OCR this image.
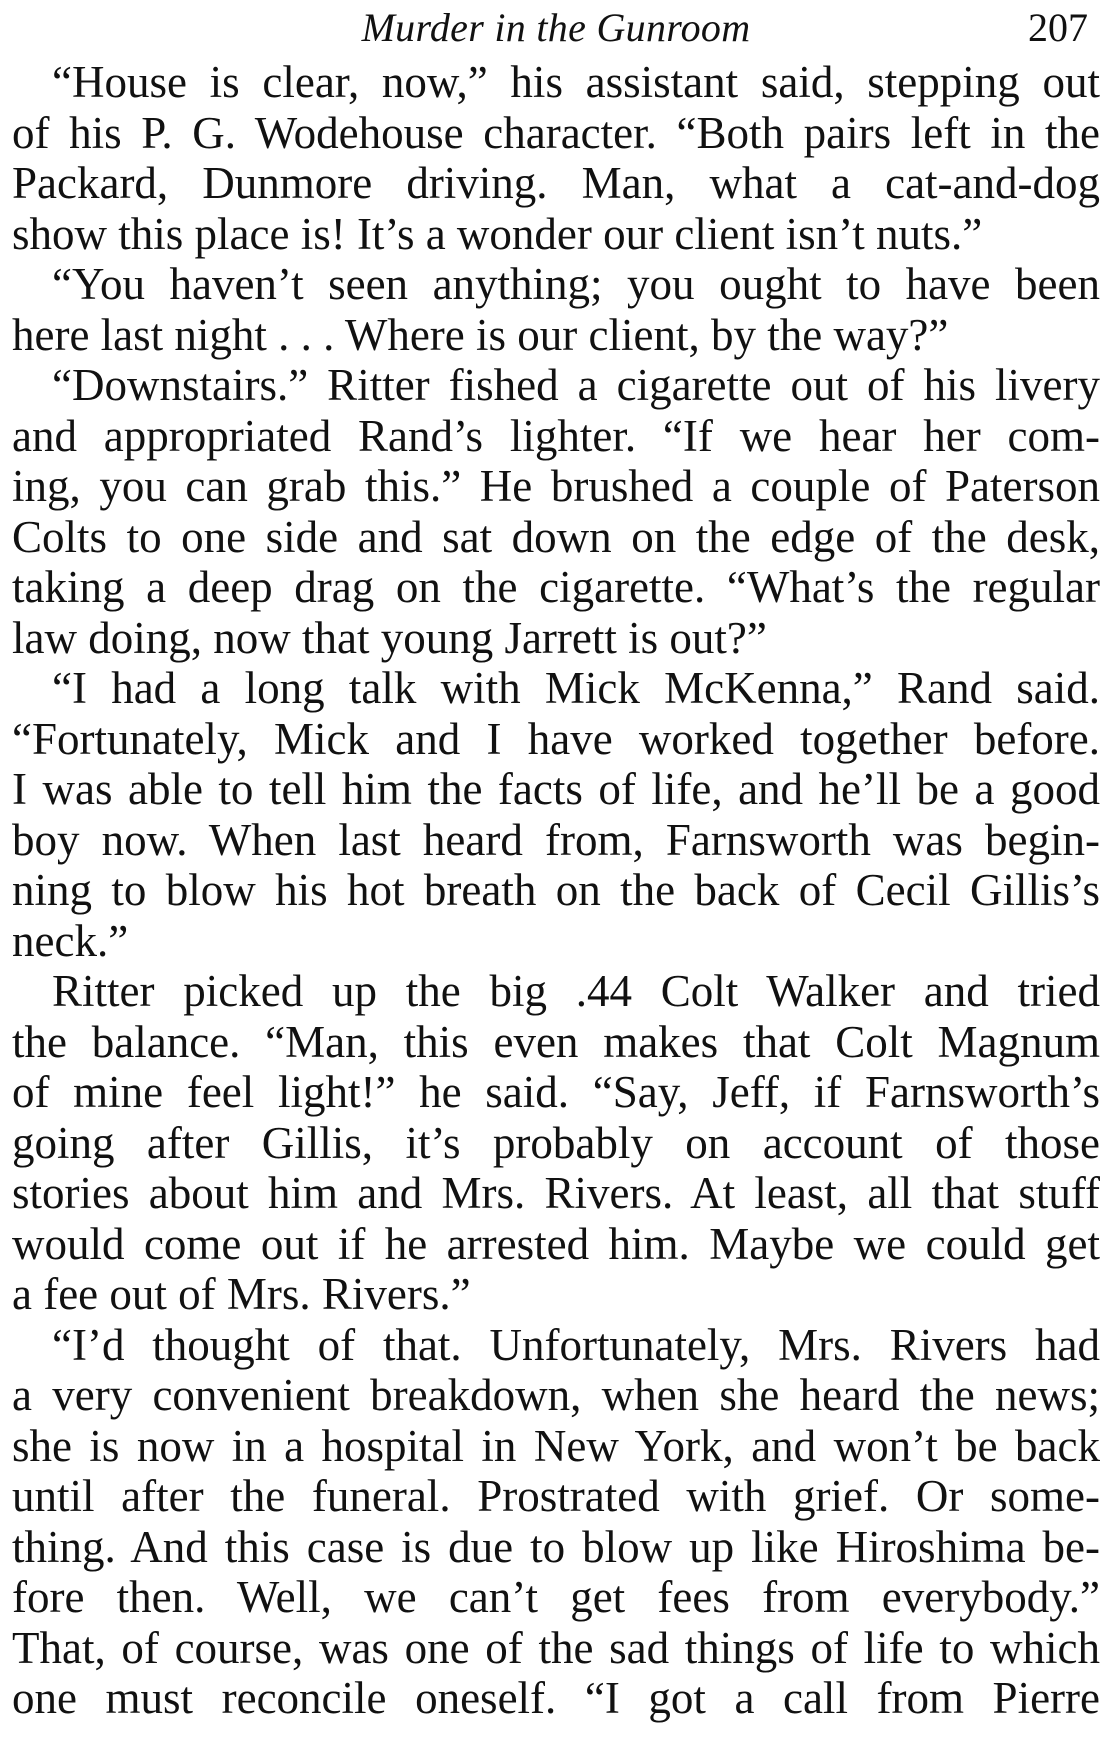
Murder in the Gunroom	207

“House is clear, now,” his assistant said, stepping out
of his P. G. Wodehouse character. “Both pairs left in the
Packard, Dunmore driving. Man, what a cat-and-dog
show this place is! It’s a wonder our client isn’t nuts.”

“You haven’t seen anything; you ought to have been
here last night . . . Where is our client, by the way?”

“Downstairs.” Ritter fished a cigarette out of his livery
and appropriated Rand’s lighter. “If we hear her com-
ing, you can grab this.” He brushed a couple of Paterson
Colts to one side and sat down on the edge of the desk,
taking a deep drag on the cigarette. “What’s the regular
law doing, now that young Jarrett is out?”

“I had a long talk with Mick McKenna,” Rand said.
“Fortunately, Mick and I have worked together before.
I was able to tell him the facts of life, and he’ll be a good
boy now. When last heard from, Farnsworth was begin-
ning to blow his hot breath on the back of Cecil Gillis’s
neck.”

Ritter picked up the big .44 Colt Walker and tried
the balance. “Man, this even makes that Colt Magnum
of mine feel light!” he said. “Say, Jeff, if Farnsworth’s
going after Gillis, it’s probably on account of those
stories about him and Mrs. Rivers. At least, all that stuff
would come out if he arrested him. Maybe we could get
a fee out of Mrs. Rivers.”

“I’d thought of that. Unfortunately, Mrs. Rivers had
a very convenient breakdown, when she heard the news;
she is now in a hospital in New York, and won’t be back
until after the funeral. Prostrated with grief. Or some-
thing. And this case is due to blow up like Hiroshima be-
fore then. Well, we can’t get fees from everybody.”
That, of course, was one of the sad things of life to which
one must reconcile oneself. “I got a call from Pierre
